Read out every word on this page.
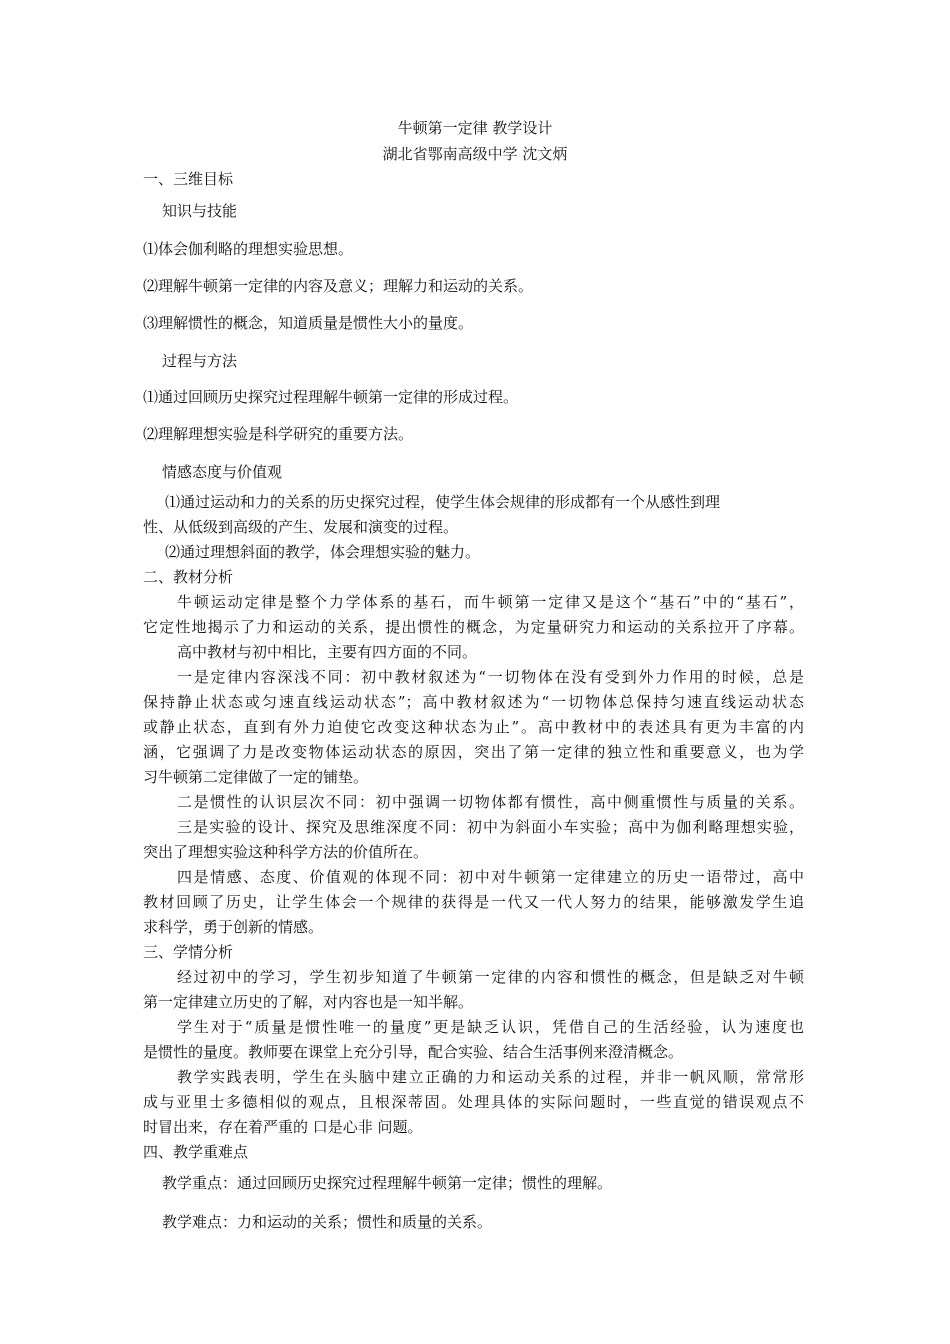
牛顿第一定律 教学设计
湖北省鄂南高级中学 沈文炳
一、三维目标
知识与技能
⑴体会伽利略的理想实验思想。
⑵理解牛顿第一定律的内容及意义；理解力和运动的关系。
⑶理解惯性的概念，知道质量是惯性大小的量度。
过程与方法
⑴通过回顾历史探究过程理解牛顿第一定律的形成过程。
⑵理解理想实验是科学研究的重要方法。
情感态度与价值观
⑴通过运动和力的关系的历史探究过程，使学生体会规律的形成都有一个从感性到理
性、从低级到高级的产生、发展和演变的过程。
⑵通过理想斜面的教学，体会理想实验的魅力。
二、教材分析
牛顿运动定律是整个力学体系的基石，而牛顿第一定律又是这个“基石”中的“基石”，
它定性地揭示了力和运动的关系，提出惯性的概念，为定量研究力和运动的关系拉开了序幕。
高中教材与初中相比，主要有四方面的不同。
一是定律内容深浅不同：初中教材叙述为“一切物体在没有受到外力作用的时候，总是
保持静止状态或匀速直线运动状态”；高中教材叙述为“一切物体总保持匀速直线运动状态
或静止状态，直到有外力迫使它改变这种状态为止”。高中教材中的表述具有更为丰富的内
涵，它强调了力是改变物体运动状态的原因，突出了第一定律的独立性和重要意义，也为学
习牛顿第二定律做了一定的铺垫。
二是惯性的认识层次不同：初中强调一切物体都有惯性，高中侧重惯性与质量的关系。
三是实验的设计、探究及思维深度不同：初中为斜面小车实验；高中为伽利略理想实验，
突出了理想实验这种科学方法的价值所在。
四是情感、态度、价值观的体现不同：初中对牛顿第一定律建立的历史一语带过，高中
教材回顾了历史，让学生体会一个规律的获得是一代又一代人努力的结果，能够激发学生追
求科学，勇于创新的情感。
三、学情分析
经过初中的学习，学生初步知道了牛顿第一定律的内容和惯性的概念，但是缺乏对牛顿
第一定律建立历史的了解，对内容也是一知半解。
学生对于“质量是惯性唯一的量度”更是缺乏认识，凭借自己的生活经验，认为速度也
是惯性的量度。教师要在课堂上充分引导，配合实验、结合生活事例来澄清概念。
教学实践表明，学生在头脑中建立正确的力和运动关系的过程，并非一帆风顺，常常形
成与亚里士多德相似的观点，且根深蒂固。处理具体的实际问题时，一些直觉的错误观点不
时冒出来，存在着严重的 口是心非 问题。
四、教学重难点
教学重点：通过回顾历史探究过程理解牛顿第一定律；惯性的理解。
教学难点：力和运动的关系；惯性和质量的关系。
